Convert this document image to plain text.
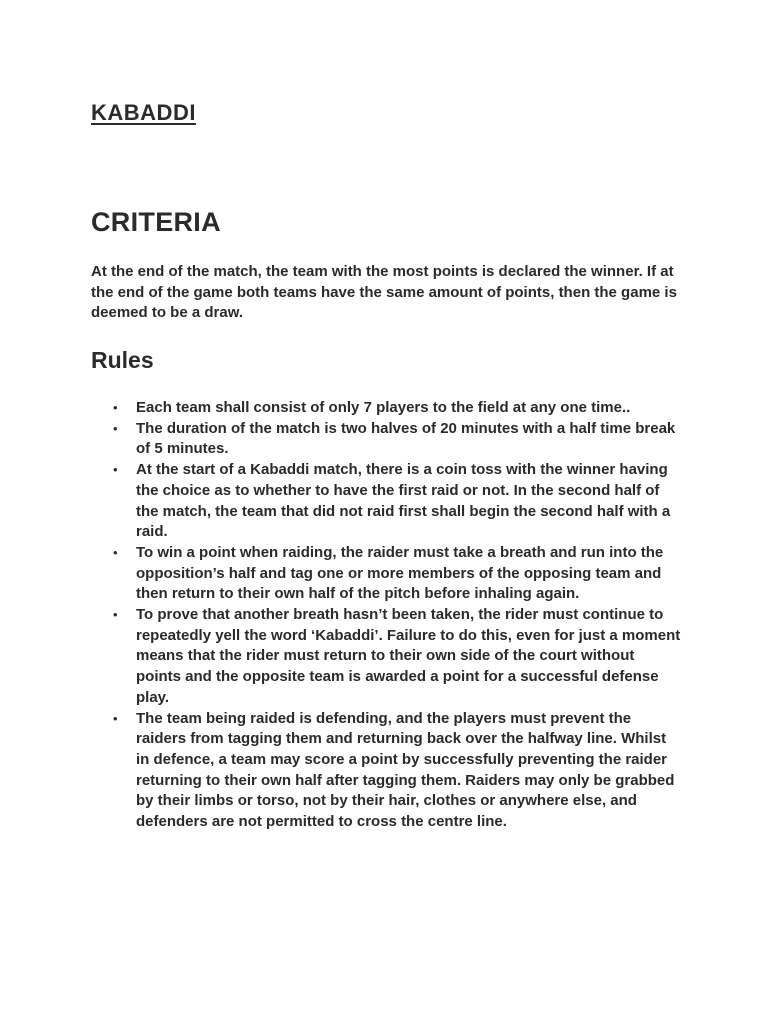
KABADDI
CRITERIA

At the end of the match, the team with the most points is declared the winner. If at the end of the game both teams have the same amount of points, then the game is deemed to be a draw.

Rules
• Each team shall consist of only 7 players to the field at any one time..
• The duration of the match is two halves of 20 minutes with a half time break of 5 minutes.
• At the start of a Kabaddi match, there is a coin toss with the winner having the choice as to whether to have the first raid or not. In the second half of the match, the team that did not raid first shall begin the second half with a raid.
• To win a point when raiding, the raider must take a breath and run into the opposition’s half and tag one or more members of the opposing team and then return to their own half of the pitch before inhaling again.
• To prove that another breath hasn’t been taken, the rider must continue to repeatedly yell the word ‘Kabaddi’. Failure to do this, even for just a moment means that the rider must return to their own side of the court without points and the opposite team is awarded a point for a successful defense play.
• The team being raided is defending, and the players must prevent the raiders from tagging them and returning back over the halfway line. Whilst in defence, a team may score a point by successfully preventing the raider returning to their own half after tagging them. Raiders may only be grabbed by their limbs or torso, not by their hair, clothes or anywhere else, and defenders are not permitted to cross the centre line.
